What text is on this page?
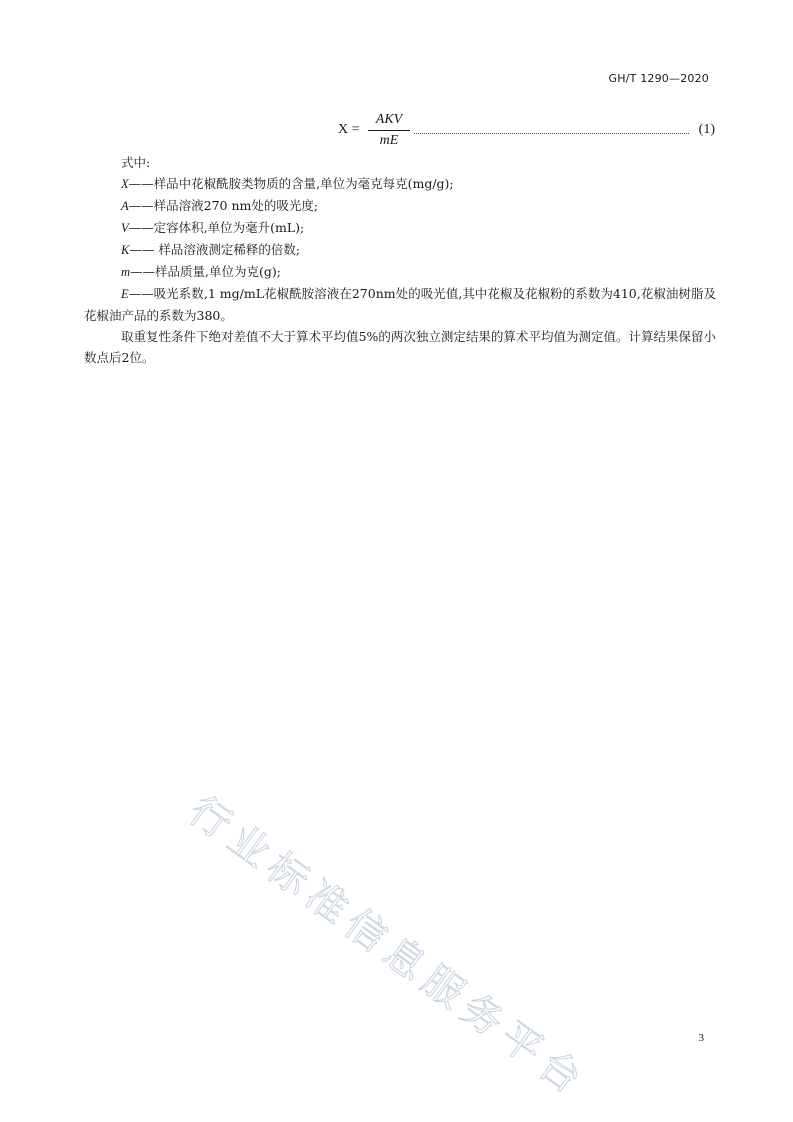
GH/T 1290—2020
X =
AKV
mE
(1)

式中:

X——样品中花椒酰胺类物质的含量,单位为毫克每克(mg/g);

A——样品溶液270 nm处的吸光度;

V——定容体积,单位为毫升(mL);

K—— 样品溶液测定稀释的倍数;

m——样品质量,单位为克(g);

E——吸光系数,1 mg/mL花椒酰胺溶液在270nm处的吸光值,其中花椒及花椒粉的系数为410,花椒油树脂及花椒油产品的系数为380。

取重复性条件下绝对差值不大于算术平均值5%的两次独立测定结果的算术平均值为测定值。计算结果保留小数点后2位。

行业标准信息服务平台	3
